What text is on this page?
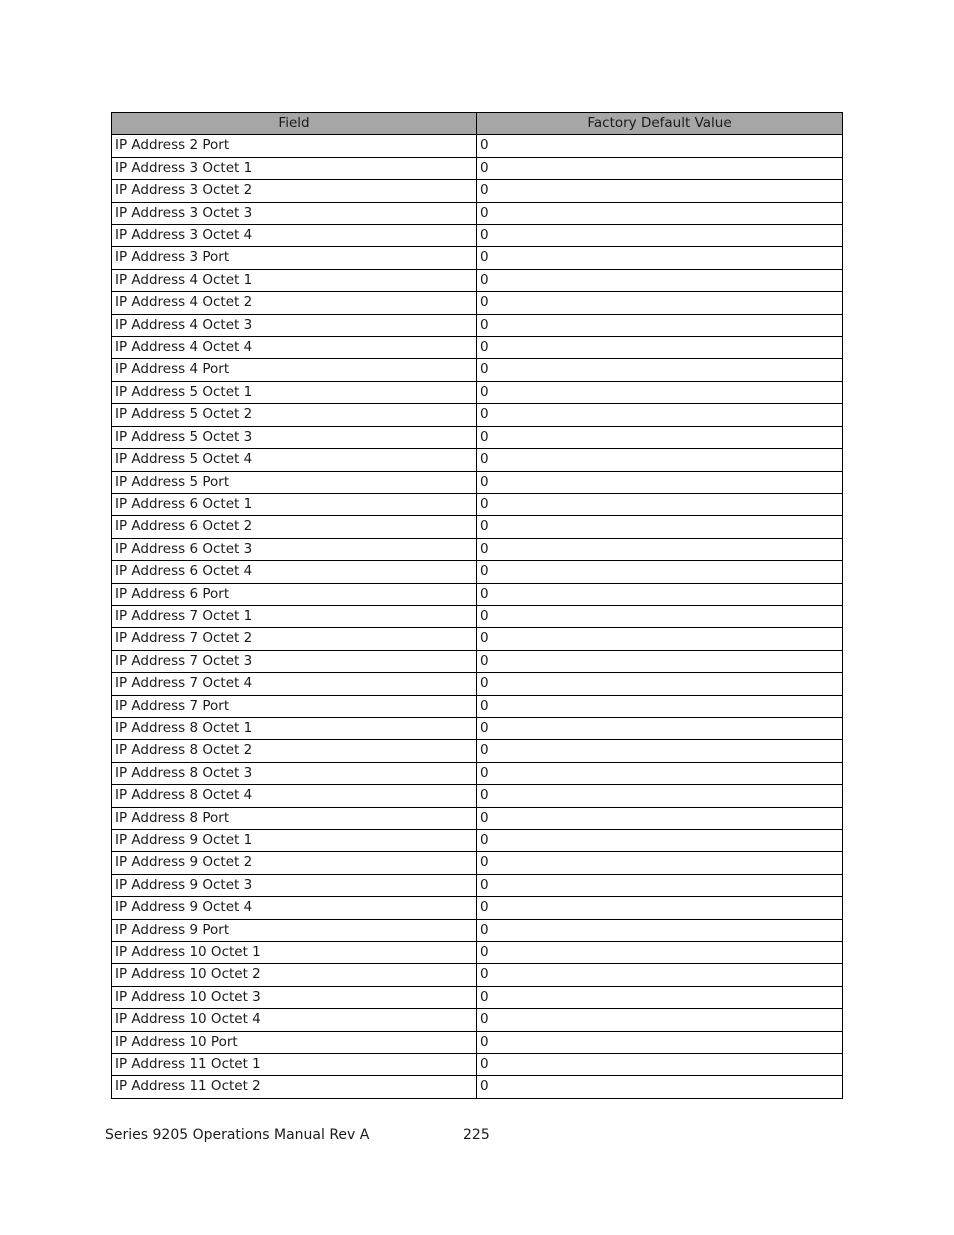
Field	Factory Default Value
IP Address 2 Port	0
IP Address 3 Octet 1	0
IP Address 3 Octet 2	0
IP Address 3 Octet 3	0
IP Address 3 Octet 4	0
IP Address 3 Port	0
IP Address 4 Octet 1	0
IP Address 4 Octet 2	0
IP Address 4 Octet 3	0
IP Address 4 Octet 4	0
IP Address 4 Port	0
IP Address 5 Octet 1	0
IP Address 5 Octet 2	0
IP Address 5 Octet 3	0
IP Address 5 Octet 4	0
IP Address 5 Port	0
IP Address 6 Octet 1	0
IP Address 6 Octet 2	0
IP Address 6 Octet 3	0
IP Address 6 Octet 4	0
IP Address 6 Port	0
IP Address 7 Octet 1	0
IP Address 7 Octet 2	0
IP Address 7 Octet 3	0
IP Address 7 Octet 4	0
IP Address 7 Port	0
IP Address 8 Octet 1	0
IP Address 8 Octet 2	0
IP Address 8 Octet 3	0
IP Address 8 Octet 4	0
IP Address 8 Port	0
IP Address 9 Octet 1	0
IP Address 9 Octet 2	0
IP Address 9 Octet 3	0
IP Address 9 Octet 4	0
IP Address 9 Port	0
IP Address 10 Octet 1	0
IP Address 10 Octet 2	0
IP Address 10 Octet 3	0
IP Address 10 Octet 4	0
IP Address 10 Port	0
IP Address 11 Octet 1	0
IP Address 11 Octet 2	0
Series 9205 Operations Manual Rev A	225
